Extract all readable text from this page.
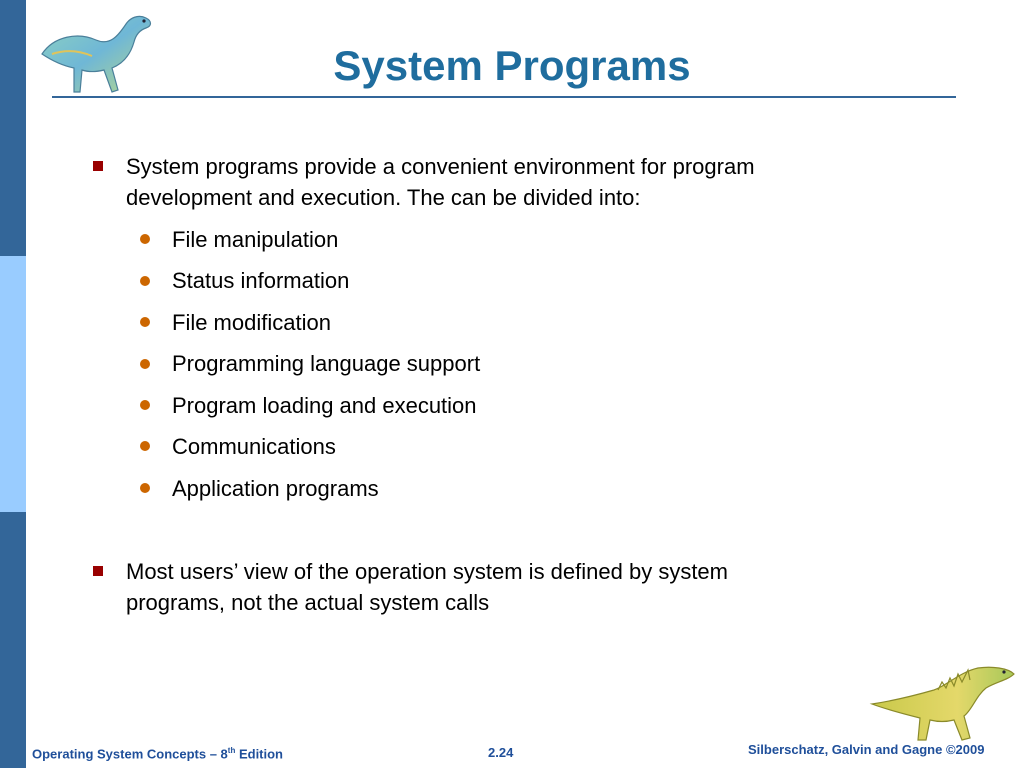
System Programs
System programs provide a convenient environment for program
development and execution. The can be divided into:
File manipulation
Status information
File modification
Programming language support
Program loading and execution
Communications
Application programs
Most users’ view of the operation system is defined by system
programs, not the actual system calls
Operating System Concepts – 8th Edition	2.24	Silberschatz, Galvin and Gagne ©2009
